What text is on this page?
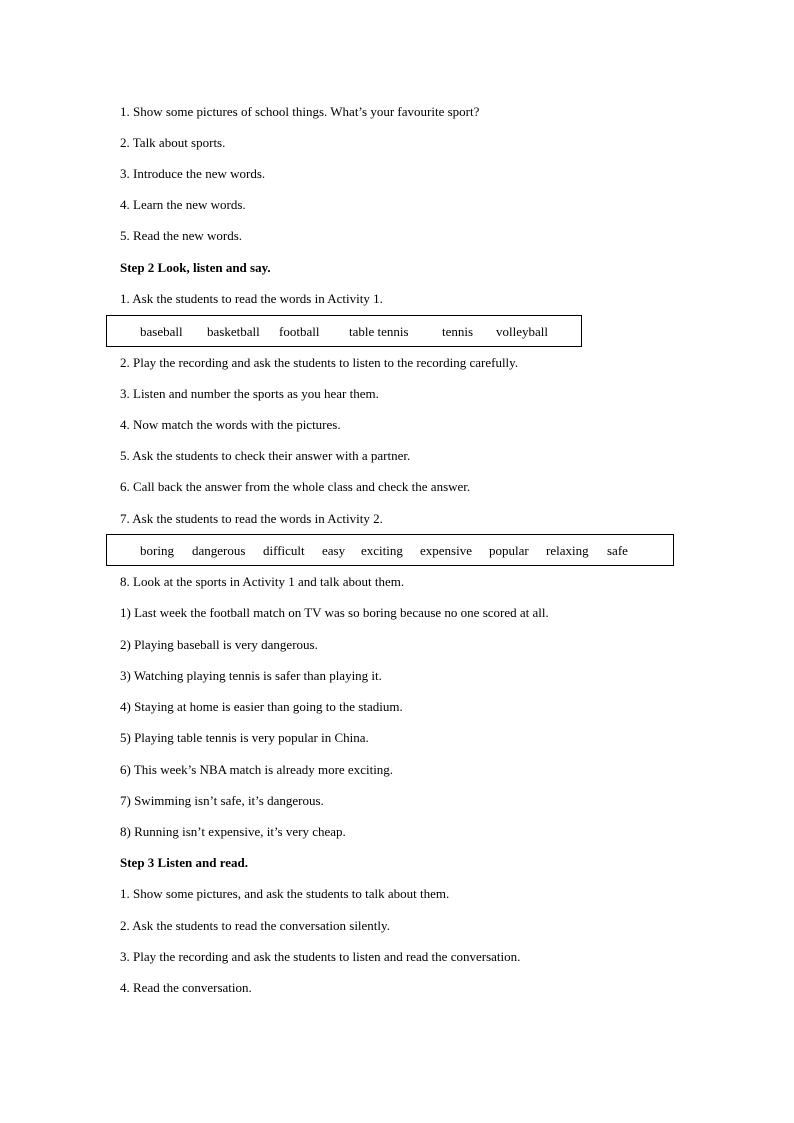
1. Show some pictures of school things. What’s your favourite sport?
2. Talk about sports.
3. Introduce the new words.
4. Learn the new words.
5. Read the new words.
Step 2 Look, listen and say.
1. Ask the students to read the words in Activity 1.
baseball basketball football table tennis	tennis volleyball
2. Play the recording and ask the students to listen to the recording carefully.
3. Listen and number the sports as you hear them.
4. Now match the words with the pictures.
5. Ask the students to check their answer with a partner.
6. Call back the answer from the whole class and check the answer.
7. Ask the students to read the words in Activity 2.
boring dangerous difficult easy exciting expensive popular relaxing safe
8. Look at the sports in Activity 1 and talk about them.
1) Last week the football match on TV was so boring because no one scored at all.
2) Playing baseball is very dangerous.
3) Watching playing tennis is safer than playing it.
4) Staying at home is easier than going to the stadium.
5) Playing table tennis is very popular in China.
6) This week’s NBA match is already more exciting.
7) Swimming isn’t safe, it’s dangerous.
8) Running isn’t expensive, it’s very cheap.
Step 3 Listen and read.
1. Show some pictures, and ask the students to talk about them.
2. Ask the students to read the conversation silently.
3. Play the recording and ask the students to listen and read the conversation.
4. Read the conversation.
